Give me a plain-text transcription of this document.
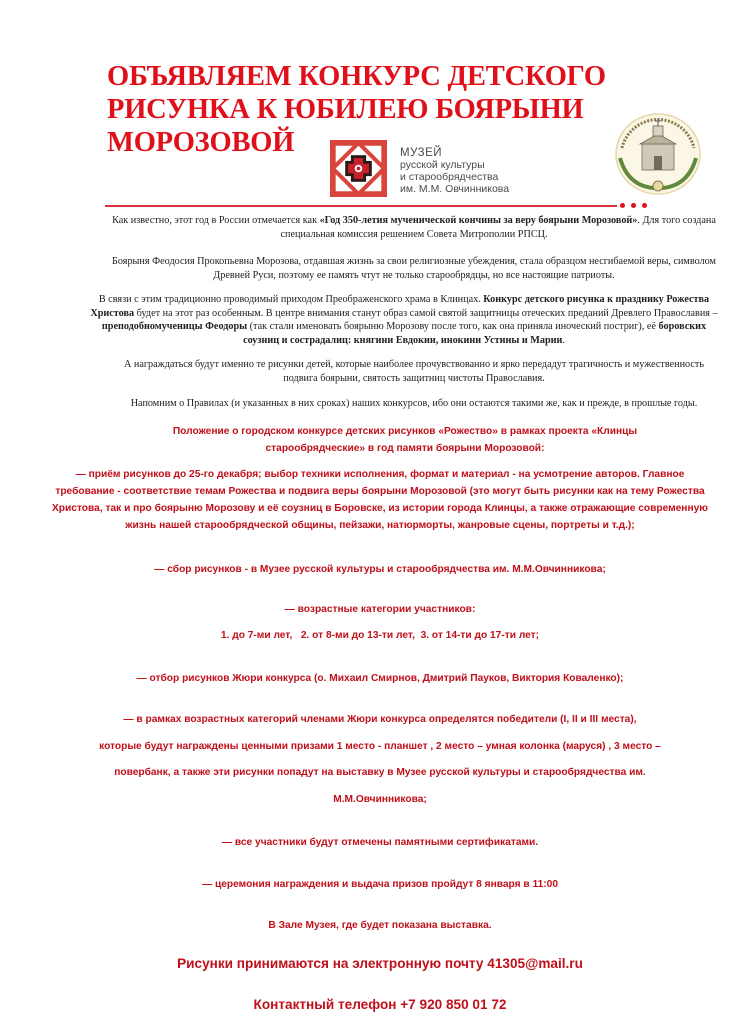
ОБЪЯВЛЯЕМ КОНКУРС ДЕТСКОГО РИСУНКА К ЮБИЛЕЮ БОЯРЫНИ МОРОЗОВОЙ	МУЗЕЙ
русской культуры
и старообрядчества
им. М.М. Овчинникова

Как известно, этот год в России отмечается как «Год 350-летия мученической кончины за веру боярыни Морозовой». Для того создана специальная комиссия решением Совета Митрополии РПСЦ.

Боярыня Феодосия Прокопьевна Морозова, отдавшая жизнь за свои религиозные убеждения, стала образцом несгибаемой веры, символом Древней Руси, поэтому ее память чтут не только старообрядцы, но все настоящие патриоты.

В связи с этим традиционно проводимый приходом Преображенского храма в Клинцах. Конкурс детского рисунка к празднику Рожества Христова будет на этот раз особенным. В центре внимания станут образ самой святой защитницы отеческих преданий Древлего Православия – преподобномученицы Феодоры (так стали именовать боярыню Морозову после того, как она приняла иноческий постриг), её боровских соузниц и сострадалиц: княгини Евдокии, инокини Устины и Марии.

А награждаться будут именно те рисунки детей, которые наиболее прочувствованно и ярко передадут трагичность и мужественность подвига боярыни, святость защитниц чистоты Православия.

Напомним о Правилах (и указанных в них сроках) наших конкурсов, ибо они остаются такими же, как и прежде, в прошлые годы.

Положение о городском конкурсе детских рисунков «Рожество» в рамках проекта «Клинцы старообрядческие» в год памяти боярыни Морозовой:

— приём рисунков до 25-го декабря; выбор техники исполнения, формат и материал - на усмотрение авторов. Главное требование - соответствие темам Рожества и подвига веры боярыни Морозовой (это могут быть рисунки как на тему Рожества Христова, так и про боярыню Морозову и её соузниц в Боровске, из истории города Клинцы, а также отражающие современную жизнь нашей старообрядческой общины, пейзажи, натюрморты, жанровые сцены, портреты и т.д.);

— сбор рисунков - в Музее русской культуры и старообрядчества им. М.М.Овчинникова;

— возрастные категории участников:

1. до 7-ми лет,   2. от 8-ми до 13-ти лет,  3. от 14-ти до 17-ти лет;

— отбор рисунков Жюри конкурса (о. Михаил Смирнов, Дмитрий Пауков, Виктория Коваленко);

— в рамках возрастных категорий членами Жюри конкурса определятся победители (I, II и III места),

которые будут награждены ценными призами 1 место - планшет , 2 место – умная колонка (маруся) , 3 место –

повербанк, а также эти рисунки попадут на выставку в Музее русской культуры и старообрядчества им.

М.М.Овчинникова;

— все участники будут отмечены памятными сертификатами.

— церемония награждения и выдача призов пройдут 8 января в 11:00

В Зале Музея, где будет показана выставка.

Рисунки принимаются на электронную почту 41305@mail.ru

Контактный телефон +7 920 850 01 72
